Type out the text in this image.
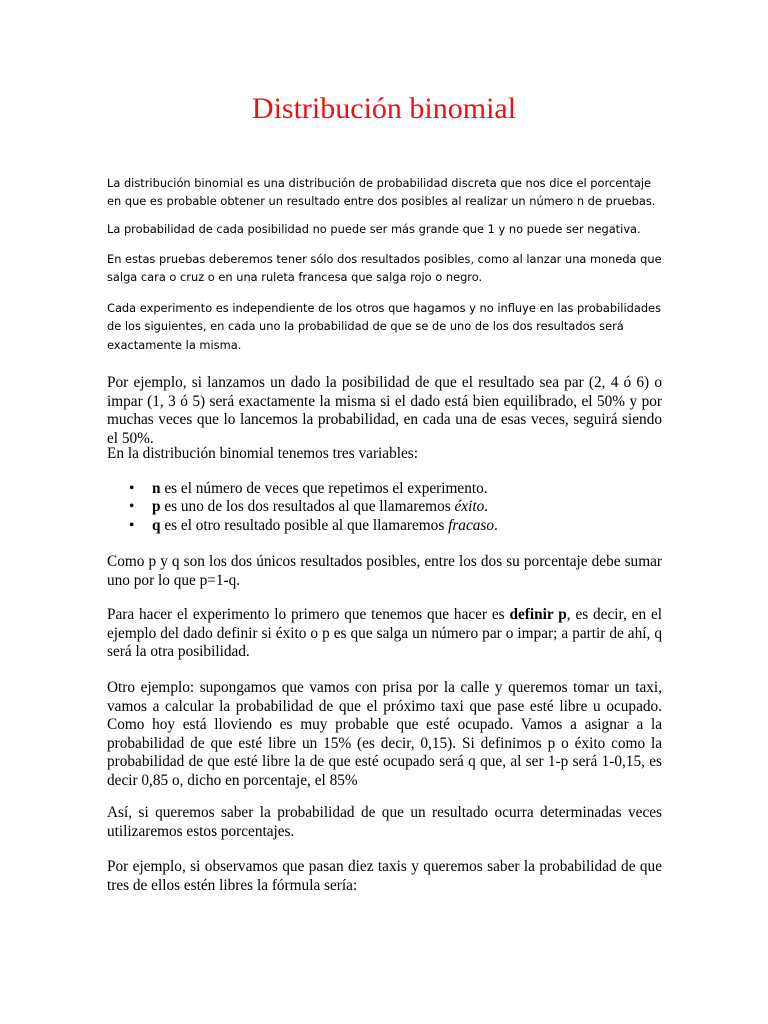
Distribución binomial

La distribución binomial es una distribución de probabilidad discreta que nos dice el porcentaje en que es probable obtener un resultado entre dos posibles al realizar un número n de pruebas.

La probabilidad de cada posibilidad no puede ser más grande que 1 y no puede ser negativa.

En estas pruebas deberemos tener sólo dos resultados posibles, como al lanzar una moneda que salga cara o cruz o en una ruleta francesa que salga rojo o negro.

Cada experimento es independiente de los otros que hagamos y no influye en las probabilidades de los siguientes, en cada uno la probabilidad de que se de uno de los dos resultados será exactamente la misma.

Por ejemplo, si lanzamos un dado la posibilidad de que el resultado sea par (2, 4 ó 6) o impar (1, 3 ó 5) será exactamente la misma si el dado está bien equilibrado, el 50% y por muchas veces que lo lancemos la probabilidad, en cada una de esas veces, seguirá siendo el 50%.

En la distribución binomial tenemos tres variables:

• n es el número de veces que repetimos el experimento.
• p es uno de los dos resultados al que llamaremos éxito.
• q es el otro resultado posible al que llamaremos fracaso.

Como p y q son los dos únicos resultados posibles, entre los dos su porcentaje debe sumar uno por lo que p=1-q.

Para hacer el experimento lo primero que tenemos que hacer es definir p, es decir, en el ejemplo del dado definir si éxito o p es que salga un número par o impar; a partir de ahí, q será la otra posibilidad.

Otro ejemplo: supongamos que vamos con prisa por la calle y queremos tomar un taxi, vamos a calcular la probabilidad de que el próximo taxi que pase esté libre u ocupado. Como hoy está lloviendo es muy probable que esté ocupado. Vamos a asignar a la probabilidad de que esté libre un 15% (es decir, 0,15). Si definimos p o éxito como la probabilidad de que esté libre la de que esté ocupado será q que, al ser 1-p será 1-0,15, es decir 0,85 o, dicho en porcentaje, el 85%

Así, si queremos saber la probabilidad de que un resultado ocurra determinadas veces utilizaremos estos porcentajes.

Por ejemplo, si observamos que pasan diez taxis y queremos saber la probabilidad de que tres de ellos estén libres la fórmula sería:
